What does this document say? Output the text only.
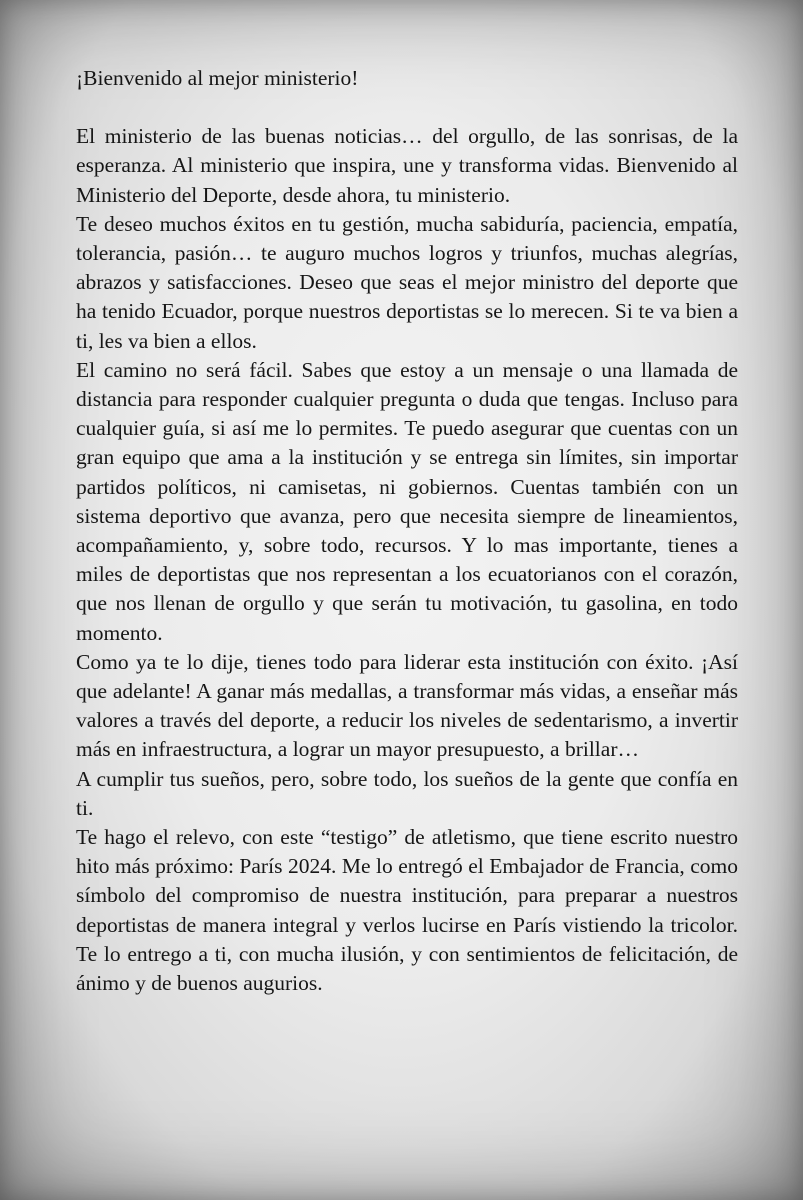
¡Bienvenido al mejor ministerio!

El ministerio de las buenas noticias… del orgullo, de las sonrisas, de la esperanza. Al ministerio que inspira, une y transforma vidas. Bienvenido al Ministerio del Deporte, desde ahora, tu ministerio.

Te deseo muchos éxitos en tu gestión, mucha sabiduría, paciencia, empatía, tolerancia, pasión… te auguro muchos logros y triunfos, muchas alegrías, abrazos y satisfacciones. Deseo que seas el mejor ministro del deporte que ha tenido Ecuador, porque nuestros deportistas se lo merecen. Si te va bien a ti, les va bien a ellos.

El camino no será fácil. Sabes que estoy a un mensaje o una llamada de distancia para responder cualquier pregunta o duda que tengas. Incluso para cualquier guía, si así me lo permites. Te puedo asegurar que cuentas con un gran equipo que ama a la institución y se entrega sin límites, sin importar partidos políticos, ni camisetas, ni gobiernos. Cuentas también con un sistema deportivo que avanza, pero que necesita siempre de lineamientos, acompañamiento, y, sobre todo, recursos. Y lo mas importante, tienes a miles de deportistas que nos representan a los ecuatorianos con el corazón, que nos llenan de orgullo y que serán tu motivación, tu gasolina, en todo momento.

Como ya te lo dije, tienes todo para liderar esta institución con éxito. ¡Así que adelante! A ganar más medallas, a transformar más vidas, a enseñar más valores a través del deporte, a reducir los niveles de sedentarismo, a invertir más en infraestructura, a lograr un mayor presupuesto, a brillar…

A cumplir tus sueños, pero, sobre todo, los sueños de la gente que confía en ti.

Te hago el relevo, con este “testigo” de atletismo, que tiene escrito nuestro hito más próximo: París 2024. Me lo entregó el Embajador de Francia, como símbolo del compromiso de nuestra institución, para preparar a nuestros deportistas de manera integral y verlos lucirse en París vistiendo la tricolor. Te lo entrego a ti, con mucha ilusión, y con sentimientos de felicitación, de ánimo y de buenos augurios.
